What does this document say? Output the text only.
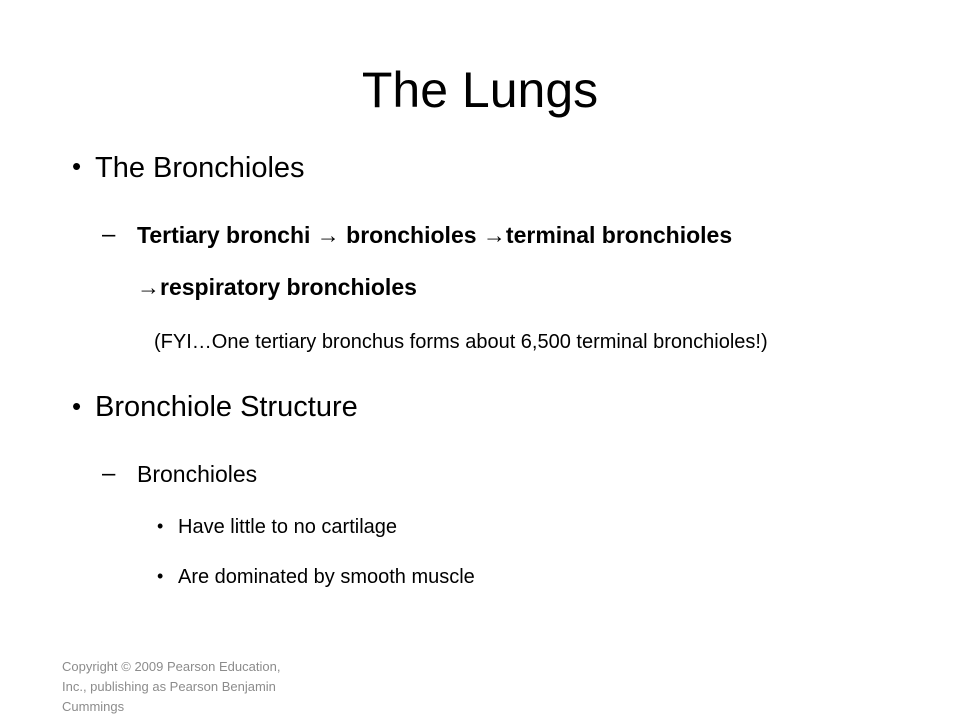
The Lungs
• The Bronchioles
– Tertiary bronchi → bronchioles →terminal bronchioles
→respiratory bronchioles
(FYI…One tertiary bronchus forms about 6,500 terminal bronchioles!)
• Bronchiole Structure
– Bronchioles
• Have little to no cartilage
• Are dominated by smooth muscle
Copyright © 2009 Pearson Education, Inc., publishing as Pearson Benjamin Cummings
